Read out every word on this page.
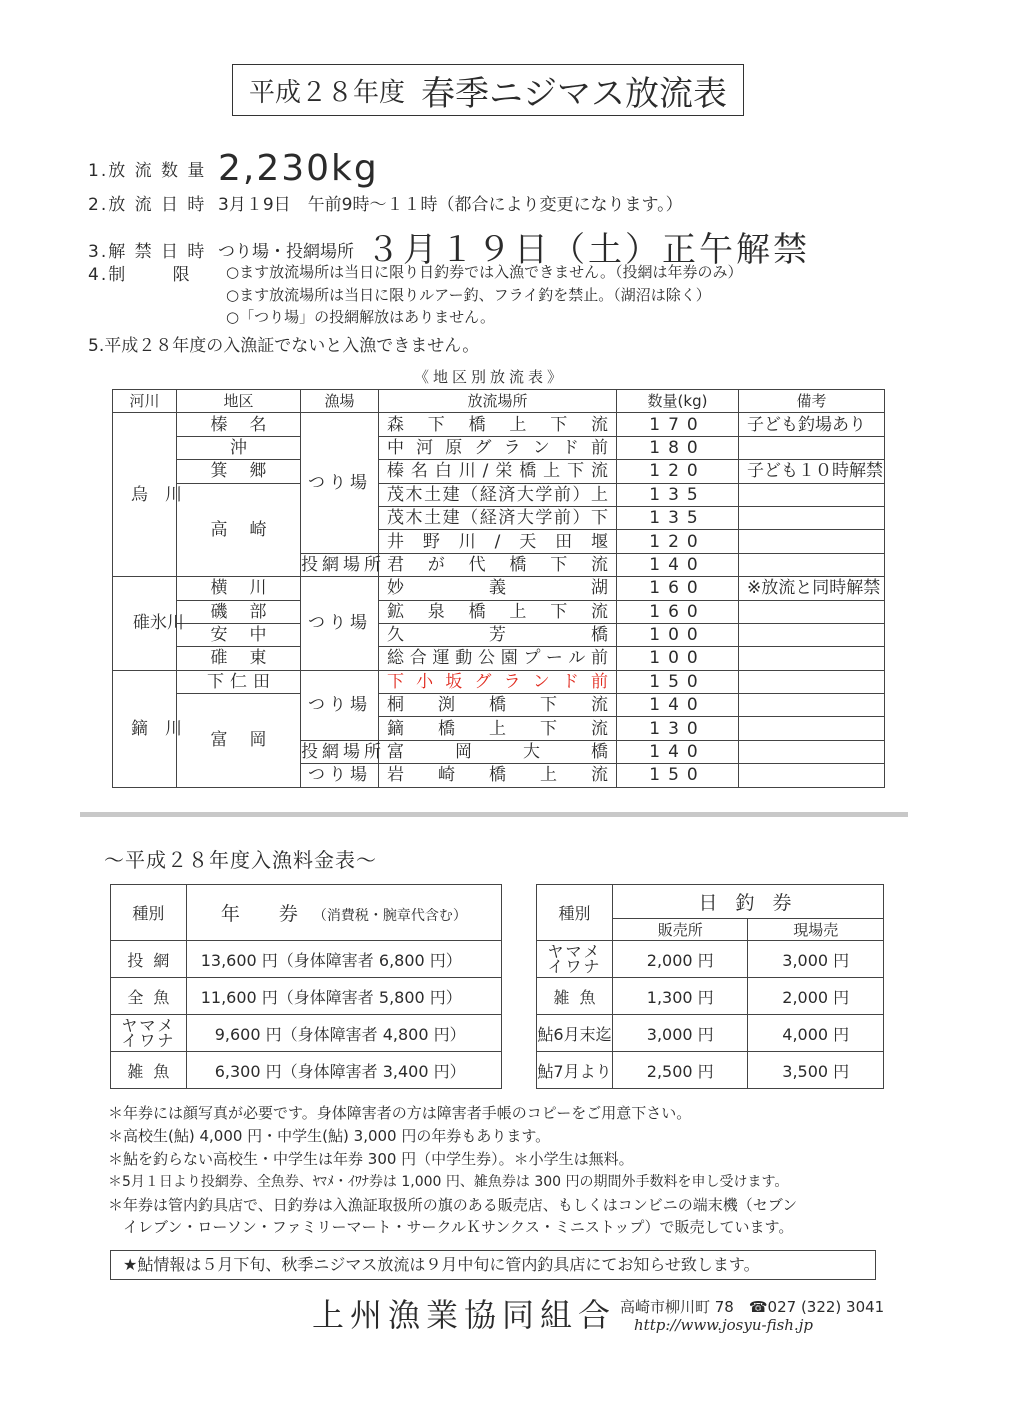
平成２８年度 春季ニジマス放流表
1.放 流 数 量 2,230kg
2.放 流 日 時 3月１9日　午前9時～１１時（都合により変更になります。）
3.解 禁 日 時 つり場・投網場所 ３月１９日（土）正午解禁
4.制　　 限	○ます放流場所は当日に限り日釣券では入漁できません。（投網は年券のみ）
○ます放流場所は当日に限りルアー釣、フライ釣を禁止。（湖沼は除く）
○「つり場」の投網解放はありません。
5.平成２８年度の入漁証でないと入漁できません。
《地区別放流表》
河川	地区	漁場	放流場所	数量(kg)	備考
烏　川	榛名	つり場	森下橋上下流	170	子ども釣場あり
	沖		中河原グランド前	180	
	箕郷		榛名白川/栄橋上下流	120	子ども１０時解禁
	高崎		茂木土建（経済大学前）上	135	
			茂木土建（経済大学前）下	135	
			井野川/天田堰	120	
		投網場所	君が代橋下流	140	
碓氷川	横川	つり場	妙義湖	160	※放流と同時解禁
	磯部		鉱泉橋上下流	160	
	安中		久芳橋	100	
	碓東		総合運動公園プール前	100	
鏑　川	下仁田	つり場	下小坂グランド前	150	
	富岡		桐渕橋下流	140	
			鏑橋上下流	130	
		投網場所	富岡大橋	140	
		つり場	岩崎橋上流	150	
～平成２８年度入漁料金表～
種別	年　券 （消費税・腕章代含む）
投網	13,600 円（身体障害者 6,800 円）
全魚	11,600 円（身体障害者 5,800 円）
ヤマメ イワナ	9,600 円（身体障害者 4,800 円）
雑魚	6,300 円（身体障害者 3,400 円）
種別	日 釣 券	
	販売所	現場売
ヤマメ イワナ	2,000 円	3,000 円
雑魚	1,300 円	2,000 円
鮎6月末迄	3,000 円	4,000 円
鮎7月より	2,500 円	3,500 円
＊年券には顔写真が必要です。身体障害者の方は障害者手帳のコピーをご用意下さい。
＊高校生(鮎) 4,000 円・中学生(鮎) 3,000 円の年券もあります。
＊鮎を釣らない高校生・中学生は年券 300 円（中学生券）。＊小学生は無料。
＊5月１日より投網券、全魚券、ﾔﾏﾒ・ｲﾜﾅ券は 1,000 円、雑魚券は 300 円の期間外手数料を申し受けます。
＊年券は管内釣具店で、日釣券は入漁証取扱所の旗のある販売店、もしくはコンビニの端末機（セブン
　イレブン・ローソン・ファミリーマート・サークルＫサンクス・ミニストップ）で販売しています。
★鮎情報は５月下旬、秋季ニジマス放流は９月中旬に管内釣具店にてお知らせ致します。
上州漁業協同組合 高崎市柳川町 78　☎027 (322) 3041
http://www.josyu-fish.jp
